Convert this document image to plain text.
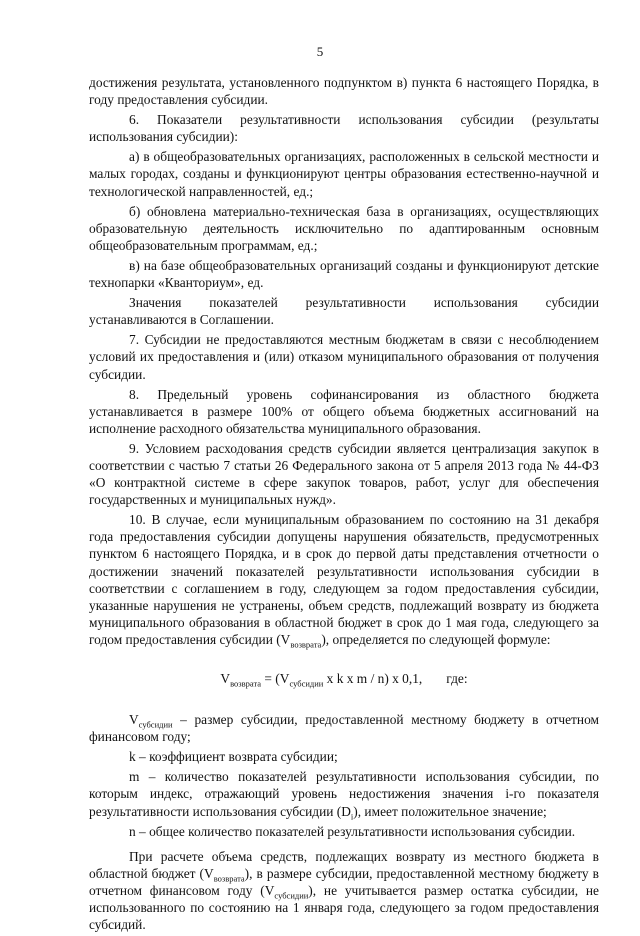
5

достижения результата, установленного подпунктом в) пункта 6 настоящего Порядка, в году предоставления субсидии.

6. Показатели результативности использования субсидии (результаты использования субсидии):

а) в общеобразовательных организациях, расположенных в сельской местности и малых городах, созданы и функционируют центры образования естественно-научной и технологической направленностей, ед.;

б) обновлена материально-техническая база в организациях, осуществляющих образовательную деятельность исключительно по адаптированным основным общеобразовательным программам, ед.;

в) на базе общеобразовательных организаций созданы и функционируют детские технопарки «Кванториум», ед.

Значения показателей результативности использования субсидии устанавливаются в Соглашении.

7. Субсидии не предоставляются местным бюджетам в связи с несоблюдением условий их предоставления и (или) отказом муниципального образования от получения субсидии.

8. Предельный уровень софинансирования из областного бюджета устанавливается в размере 100% от общего объема бюджетных ассигнований на исполнение расходного обязательства муниципального образования.

9. Условием расходования средств субсидии является централизация закупок в соответствии с частью 7 статьи 26 Федерального закона от 5 апреля 2013 года № 44-ФЗ «О контрактной системе в сфере закупок товаров, работ, услуг для обеспечения государственных и муниципальных нужд».

10. В случае, если муниципальным образованием по состоянию на 31 декабря года предоставления субсидии допущены нарушения обязательств, предусмотренных пунктом 6 настоящего Порядка, и в срок до первой даты представления отчетности о достижении значений показателей результативности использования субсидии в соответствии с соглашением в году, следующем за годом предоставления субсидии, указанные нарушения не устранены, объем средств, подлежащий возврату из бюджета муниципального образования в областной бюджет в срок до 1 мая года, следующего за годом предоставления субсидии $(V_{возврата})$, определяется по следующей формуле:

$V_{возврата} = (V_{субсидии}$ x k x m / n) x 0,1, где:

$V_{субсидии}$ – размер субсидии, предоставленной местному бюджету в отчетном финансовом году;

k – коэффициент возврата субсидии;

m – количество показателей результативности использования субсидии, по которым индекс, отражающий уровень недостижения значения i-го показателя результативности использования субсидии $(D_i)$, имеет положительное значение;

n – общее количество показателей результативности использования субсидии.

При расчете объема средств, подлежащих возврату из местного бюджета в областной бюджет $(V_{возврата})$, в размере субсидии, предоставленной местному бюджету в отчетном финансовом году $(V_{субсидии})$, не учитывается размер остатка субсидии, не использованного по состоянию на 1 января года, следующего за годом предоставления субсидий.
